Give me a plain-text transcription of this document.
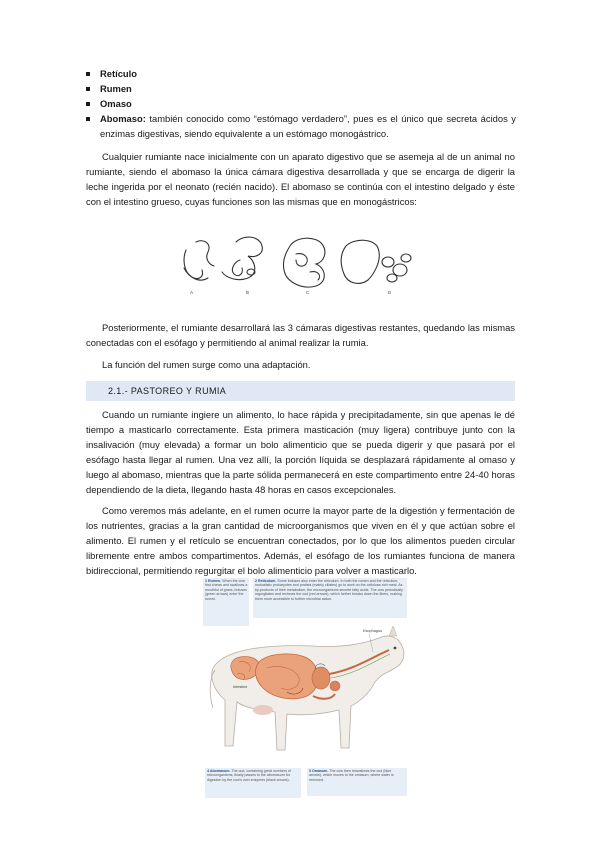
Retículo
Rumen
Omaso
Abomaso: también conocido como “estómago verdadero”, pues es el único que secreta ácidos y enzimas digestivas, siendo equivalente a un estómago monogástrico.

Cualquier rumiante nace inicialmente con un aparato digestivo que se asemeja al de un animal no rumiante, siendo el abomaso la única cámara digestiva desarrollada y que se encarga de digerir la leche ingerida por el neonato (recién nacido). El abomaso se continúa con el intestino delgado y éste con el intestino grueso, cuyas funciones son las mismas que en monogástricos:

A	B	C	D

Posteriormente, el rumiante desarrollará las 3 cámaras digestivas restantes, quedando las mismas conectadas con el esófago y permitiendo al animal realizar la rumia.

La función del rumen surge como una adaptación.

2.1.- PASTOREO Y RUMIA

Cuando un rumiante ingiere un alimento, lo hace rápida y precipitadamente, sin que apenas le dé tiempo a masticarlo correctamente. Esta primera masticación (muy ligera) contribuye junto con la insalivación (muy elevada) a formar un bolo alimenticio que se pueda digerir y que pasará por el esófago hasta llegar al rumen. Una vez allí, la porción líquida se desplazará rápidamente al omaso y luego al abomaso, mientras que la parte sólida permanecerá en este compartimento entre 24-40 horas dependiendo de la dieta, llegando hasta 48 horas en casos excepcionales.

Como veremos más adelante, en el rumen ocurre la mayor parte de la digestión y fermentación de los nutrientes, gracias a la gran cantidad de microorganismos que viven en él y que actúan sobre el alimento. El rumen y el retículo se encuentran conectados, por lo que los alimentos pueden circular libremente entre ambos compartimentos. Además, el esófago de los rumiantes funciona de manera bidireccional, permitiendo regurgitar el bolo alimenticio para volver a masticarlo.

1 Rumen. When the cow first chews and swallows a mouthful of grass, boluses (green arrows) enter the rumen.
2 Reticulum. Some boluses also enter the reticulum. In both the rumen and the reticulum, mutualistic prokaryotes and protists (mainly ciliates) go to work on the cellulose-rich meal. As by-products of their metabolism, the microorganisms secrete fatty acids. The cow periodically regurgitates and rechews the cud (red arrows), which further breaks down the fibers, making them more accessible to further microbial action.
Esophagus
Intestine
4 Abomasum. The cud, containing great numbers of microorganisms, finally passes to the abomasum for digestion by the cow's own enzymes (black arrows).
3 Omasum. The cow then reswallows the cud (blue arrows), which moves to the omasum, where water is removed.
